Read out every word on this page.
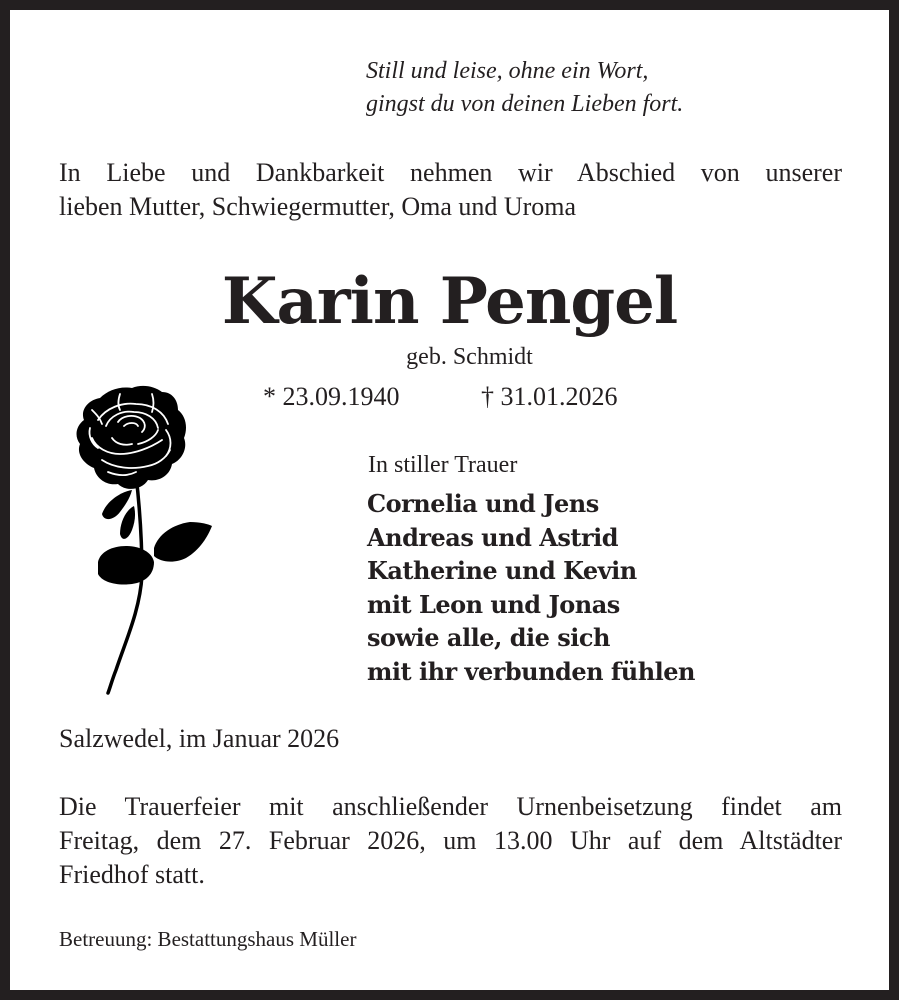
Still und leise, ohne ein Wort,
gingst du von deinen Lieben fort.
In Liebe und Dankbarkeit nehmen wir Abschied von unserer
lieben Mutter, Schwiegermutter, Oma und Uroma
Karin Pengel
geb. Schmidt
* 23.09.1940	† 31.01.2026
In stiller Trauer
Cornelia und Jens
Andreas und Astrid
Katherine und Kevin
mit Leon und Jonas
sowie alle, die sich
mit ihr verbunden fühlen
Salzwedel, im Januar 2026
Die Trauerfeier mit anschließender Urnenbeisetzung findet am
Freitag, dem 27. Februar 2026, um 13.00 Uhr auf dem Altstädter
Friedhof statt.
Betreuung: Bestattungshaus Müller
